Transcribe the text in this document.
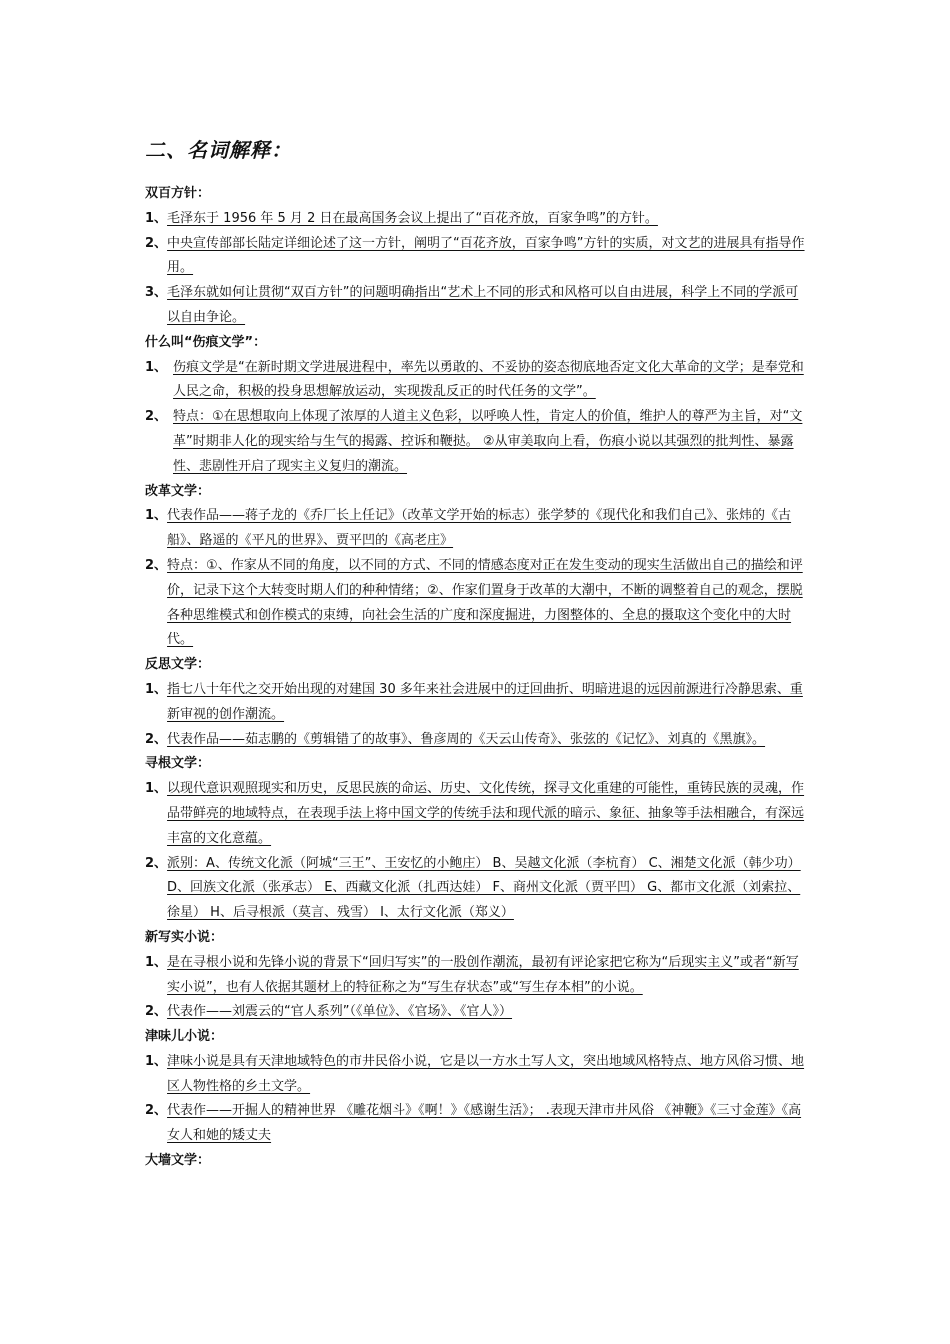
二、名词解释：
双百方针：
1、 毛泽东于 1956 年 5 月 2 日在最高国务会议上提出了“百花齐放，百家争鸣”的方针。
2、 中央宣传部部长陆定详细论述了这一方针，阐明了“百花齐放，百家争鸣”方针的实质，对文艺的进展具有指导作用。
3、 毛泽东就如何让贯彻“双百方针”的问题明确指出“艺术上不同的形式和风格可以自由进展，科学上不同的学派可以自由争论。
什么叫“伤痕文学”：
1、 伤痕文学是“在新时期文学进展进程中，率先以勇敢的、不妥协的姿态彻底地否定文化大革命的文学；是奉党和人民之命，积极的投身思想解放运动，实现拨乱反正的时代任务的文学”。
2、 特点：①在思想取向上体现了浓厚的人道主义色彩，以呼唤人性，肯定人的价值，维护人的尊严为主旨，对“文革”时期非人化的现实给与生气的揭露、控诉和鞭挞。 ②从审美取向上看，伤痕小说以其强烈的批判性、暴露性、悲剧性开启了现实主义复归的潮流。
改革文学：
1、 代表作品——蒋子龙的《乔厂长上任记》（改革文学开始的标志）张学梦的《现代化和我们自己》、张炜的《古船》、路遥的《平凡的世界》、贾平凹的《高老庄》
2、 特点：①、作家从不同的角度，以不同的方式、不同的情感态度对正在发生变动的现实生活做出自己的描绘和评价，记录下这个大转变时期人们的种种情绪；②、作家们置身于改革的大潮中，不断的调整着自己的观念，摆脱各种思维模式和创作模式的束缚，向社会生活的广度和深度掘进，力图整体的、全息的摄取这个变化中的大时代。
反思文学：
1、 指七八十年代之交开始出现的对建国 30 多年来社会进展中的迂回曲折、明暗进退的远因前源进行冷静思索、重新审视的创作潮流。
2、 代表作品——茹志鹏的《剪辑错了的故事》、鲁彦周的《天云山传奇》、张弦的《记忆》、刘真的《黑旗》。
寻根文学：
1、 以现代意识观照现实和历史，反思民族的命运、历史、文化传统，探寻文化重建的可能性，重铸民族的灵魂，作品带鲜亮的地域特点，在表现手法上将中国文学的传统手法和现代派的暗示、象征、抽象等手法相融合，有深远丰富的文化意蕴。
2、 派别：A、传统文化派（阿城“三王”、王安忆的小鲍庄） B、吴越文化派（李杭育） C、湘楚文化派（韩少功） D、回族文化派（张承志） E、西藏文化派（扎西达娃） F、商州文化派（贾平凹） G、都市文化派（刘索拉、徐星） H、后寻根派（莫言、残雪） I、太行文化派（郑义）
新写实小说：
1、 是在寻根小说和先锋小说的背景下“回归写实”的一股创作潮流，最初有评论家把它称为“后现实主义”或者“新写实小说”，也有人依据其题材上的特征称之为“写生存状态”或“写生存本相”的小说。
2、 代表作——刘震云的“官人系列”（《单位》、《官场》、《官人》）
津味儿小说：
1、 津味小说是具有天津地域特色的市井民俗小说，它是以一方水土写人文，突出地域风格特点、地方风俗习惯、地区人物性格的乡土文学。
2、 代表作——开掘人的精神世界 《雕花烟斗》《啊！》《感谢生活》； .表现天津市井风俗 《神鞭》《三寸金莲》《高女人和她的矮丈夫
大墙文学：
